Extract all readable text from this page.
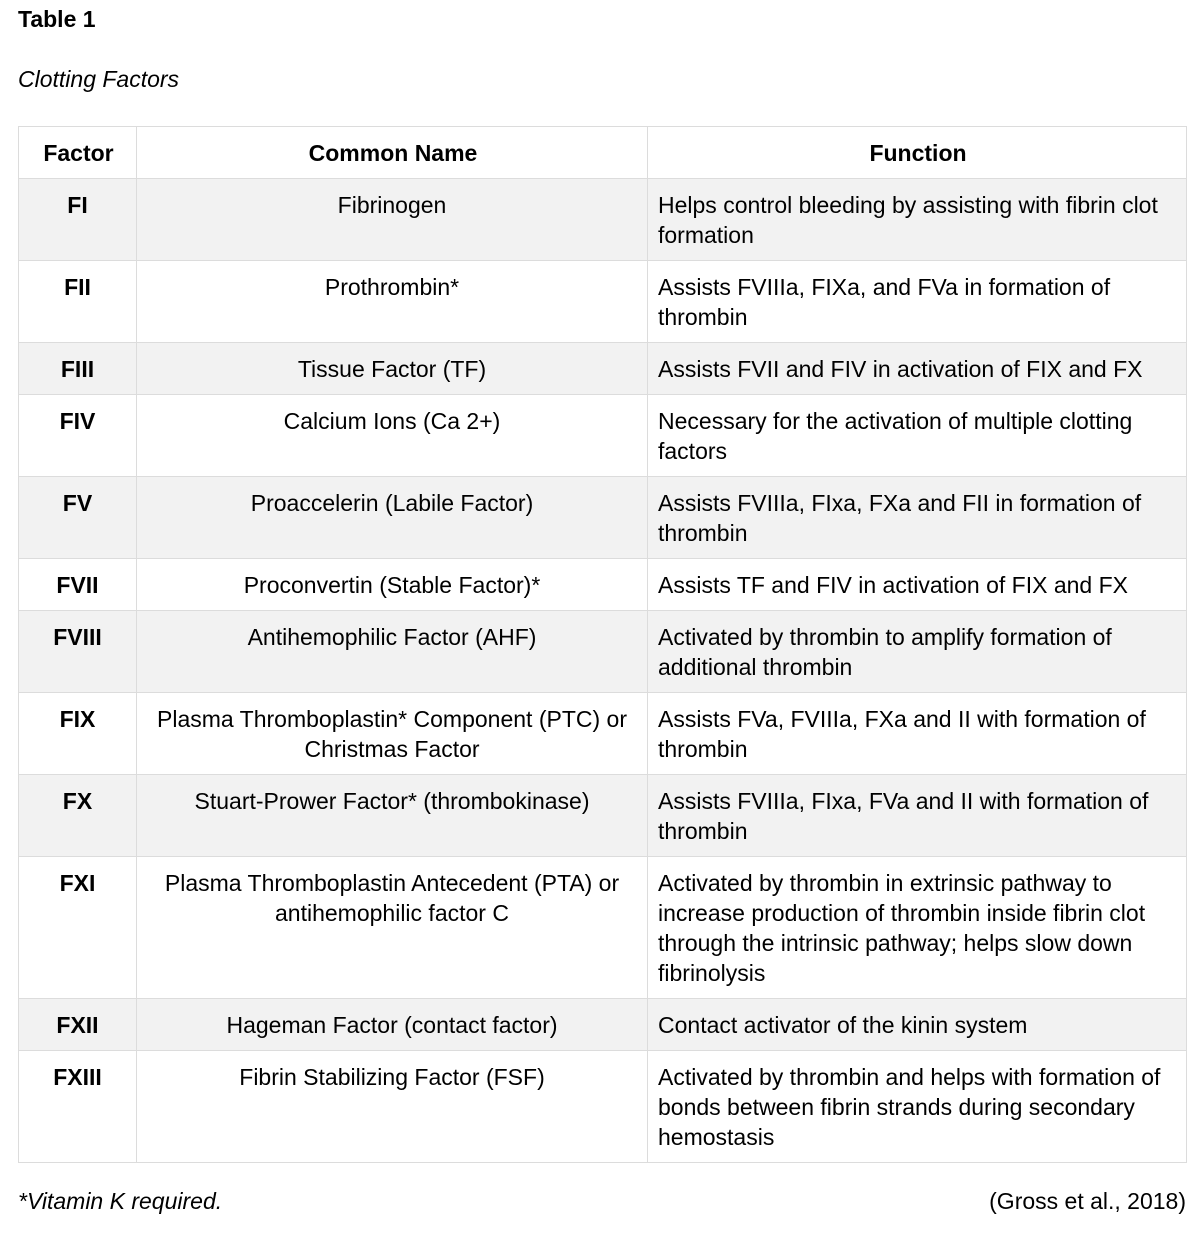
Table 1

Clotting Factors

Factor	Common Name	Function
FI	Fibrinogen	Helps control bleeding by assisting with fibrin clot formation
FII	Prothrombin*	Assists FVIIIa, FIXa, and FVa in formation of thrombin
FIII	Tissue Factor (TF)	Assists FVII and FIV in activation of FIX and FX
FIV	Calcium Ions (Ca 2+)	Necessary for the activation of multiple clotting factors
FV	Proaccelerin (Labile Factor)	Assists FVIIIa, FIxa, FXa and FII in formation of thrombin
FVII	Proconvertin (Stable Factor)*	Assists TF and FIV in activation of FIX and FX
FVIII	Antihemophilic Factor (AHF)	Activated by thrombin to amplify formation of additional thrombin
FIX	Plasma Thromboplastin* Component (PTC) or Christmas Factor	Assists FVa, FVIIIa, FXa and II with formation of thrombin
FX	Stuart-Prower Factor* (thrombokinase)	Assists FVIIIa, FIxa, FVa and II with formation of thrombin
FXI	Plasma Thromboplastin Antecedent (PTA) or antihemophilic factor C	Activated by thrombin in extrinsic pathway to increase production of thrombin inside fibrin clot through the intrinsic pathway; helps slow down fibrinolysis
FXII	Hageman Factor (contact factor)	Contact activator of the kinin system
FXIII	Fibrin Stabilizing Factor (FSF)	Activated by thrombin and helps with formation of bonds between fibrin strands during secondary hemostasis
*Vitamin K required.	(Gross et al., 2018)
